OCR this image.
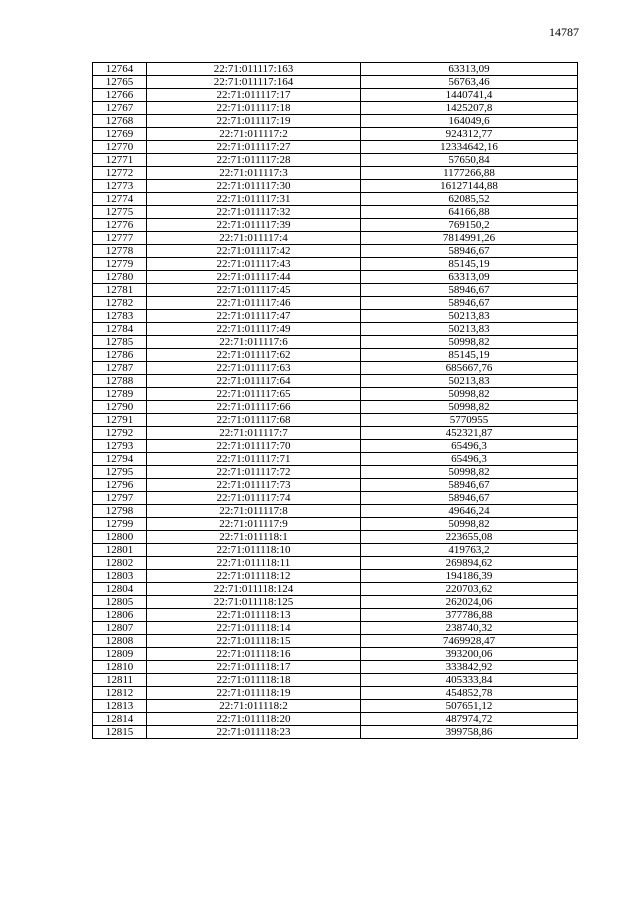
14787
12764	22:71:011117:163	63313,09
12765	22:71:011117:164	56763,46
12766	22:71:011117:17	1440741,4
12767	22:71:011117:18	1425207,8
12768	22:71:011117:19	164049,6
12769	22:71:011117:2	924312,77
12770	22:71:011117:27	12334642,16
12771	22:71:011117:28	57650,84
12772	22:71:011117:3	1177266,88
12773	22:71:011117:30	16127144,88
12774	22:71:011117:31	62085,52
12775	22:71:011117:32	64166,88
12776	22:71:011117:39	769150,2
12777	22:71:011117:4	7814991,26
12778	22:71:011117:42	58946,67
12779	22:71:011117:43	85145,19
12780	22:71:011117:44	63313,09
12781	22:71:011117:45	58946,67
12782	22:71:011117:46	58946,67
12783	22:71:011117:47	50213,83
12784	22:71:011117:49	50213,83
12785	22:71:011117:6	50998,82
12786	22:71:011117:62	85145,19
12787	22:71:011117:63	685667,76
12788	22:71:011117:64	50213,83
12789	22:71:011117:65	50998,82
12790	22:71:011117:66	50998,82
12791	22:71:011117:68	5770955
12792	22:71:011117:7	452321,87
12793	22:71:011117:70	65496,3
12794	22:71:011117:71	65496,3
12795	22:71:011117:72	50998,82
12796	22:71:011117:73	58946,67
12797	22:71:011117:74	58946,67
12798	22:71:011117:8	49646,24
12799	22:71:011117:9	50998,82
12800	22:71:011118:1	223655,08
12801	22:71:011118:10	419763,2
12802	22:71:011118:11	269894,62
12803	22:71:011118:12	194186,39
12804	22:71:011118:124	220703,62
12805	22:71:011118:125	262024,06
12806	22:71:011118:13	377786,88
12807	22:71:011118:14	238740,32
12808	22:71:011118:15	7469928,47
12809	22:71:011118:16	393200,06
12810	22:71:011118:17	333842,92
12811	22:71:011118:18	405333,84
12812	22:71:011118:19	454852,78
12813	22:71:011118:2	507651,12
12814	22:71:011118:20	487974,72
12815	22:71:011118:23	399758,86
